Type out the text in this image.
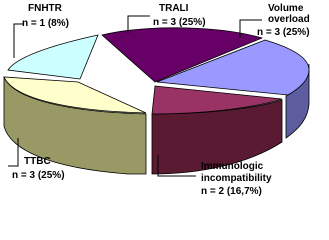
FNHTR
n = 1 (8%)
TRALI
n = 3 (25%)
Volume
overload
n = 3 (25%)
Immunologic
incompatibility
n = 2 (16,7%)
TTBC
n = 3 (25%)
